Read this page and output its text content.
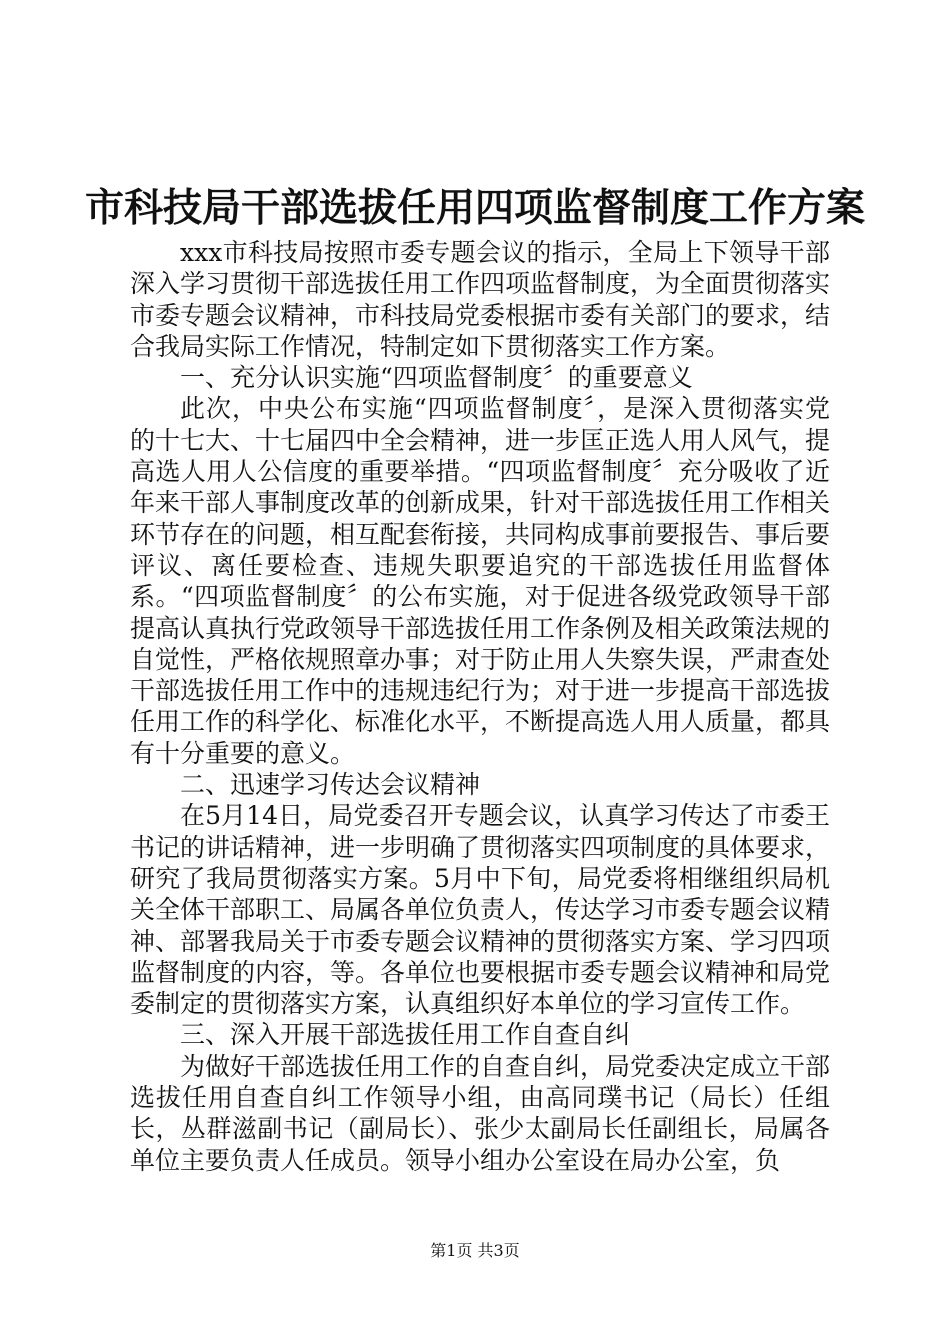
市科技局干部选拔任用四项监督制度工作方案

xxx市科技局按照市委专题会议的指示，全局上下领导干部深入学习贯彻干部选拔任用工作四项监督制度，为全面贯彻落实市委专题会议精神，市科技局党委根据市委有关部门的要求，结合我局实际工作情况，特制定如下贯彻落实工作方案。

一、充分认识实施“四项监督制度〞的重要意义

此次，中央公布实施“四项监督制度〞，是深入贯彻落实党的十七大、十七届四中全会精神，进一步匡正选人用人风气，提高选人用人公信度的重要举措。“四项监督制度〞充分吸收了近年来干部人事制度改革的创新成果，针对干部选拔任用工作相关环节存在的问题，相互配套衔接，共同构成事前要报告、事后要评议、离任要检查、违规失职要追究的干部选拔任用监督体系。“四项监督制度〞的公布实施，对于促进各级党政领导干部提高认真执行党政领导干部选拔任用工作条例及相关政策法规的自觉性，严格依规照章办事；对于防止用人失察失误，严肃查处干部选拔任用工作中的违规违纪行为；对于进一步提高干部选拔任用工作的科学化、标准化水平，不断提高选人用人质量，都具有十分重要的意义。

二、迅速学习传达会议精神

在5月14日，局党委召开专题会议，认真学习传达了市委王书记的讲话精神，进一步明确了贯彻落实四项制度的具体要求，研究了我局贯彻落实方案。5月中下旬，局党委将相继组织局机关全体干部职工、局属各单位负责人，传达学习市委专题会议精神、部署我局关于市委专题会议精神的贯彻落实方案、学习四项监督制度的内容，等。各单位也要根据市委专题会议精神和局党委制定的贯彻落实方案，认真组织好本单位的学习宣传工作。

三、深入开展干部选拔任用工作自查自纠

为做好干部选拔任用工作的自查自纠，局党委决定成立干部选拔任用自查自纠工作领导小组，由高同璞书记（局长）任组长，丛群滋副书记（副局长）、张少太副局长任副组长，局属各单位主要负责人任成员。领导小组办公室设在局办公室，负

第1页 共3页
